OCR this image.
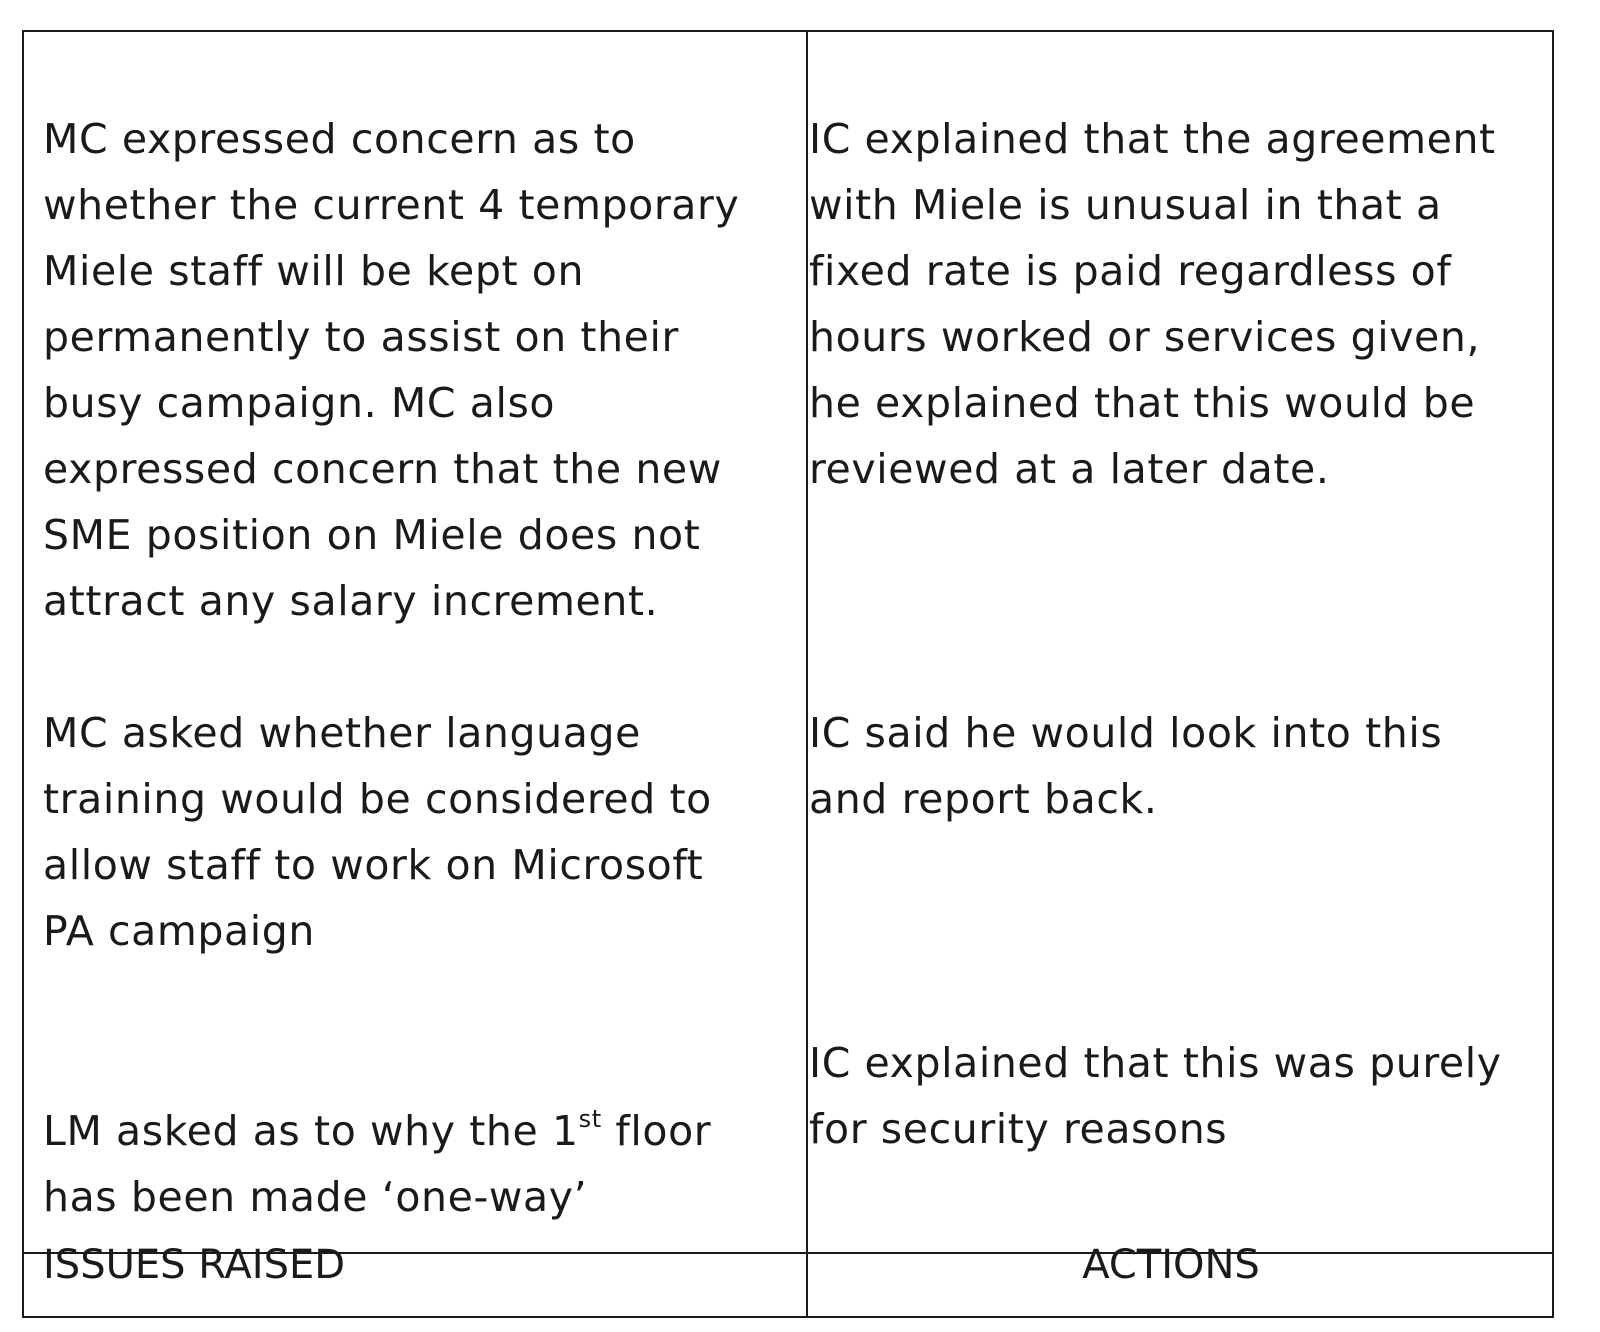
MC expressed concern as to
whether the current 4 temporary
Miele staff will be kept on
permanently to assist on their
busy campaign. MC also
expressed concern that the new
SME position on Miele does not
attract any salary increment.

IC explained that the agreement
with Miele is unusual in that a
fixed rate is paid regardless of
hours worked or services given,
he explained that this would be
reviewed at a later date.

MC asked whether language
training would be considered to
allow staff to work on Microsoft
PA campaign

IC said he would look into this
and report back.

LM asked as to why the 1st floor
has been made ‘one-way’

IC explained that this was purely
for security reasons

ISSUES RAISED	ACTIONS
